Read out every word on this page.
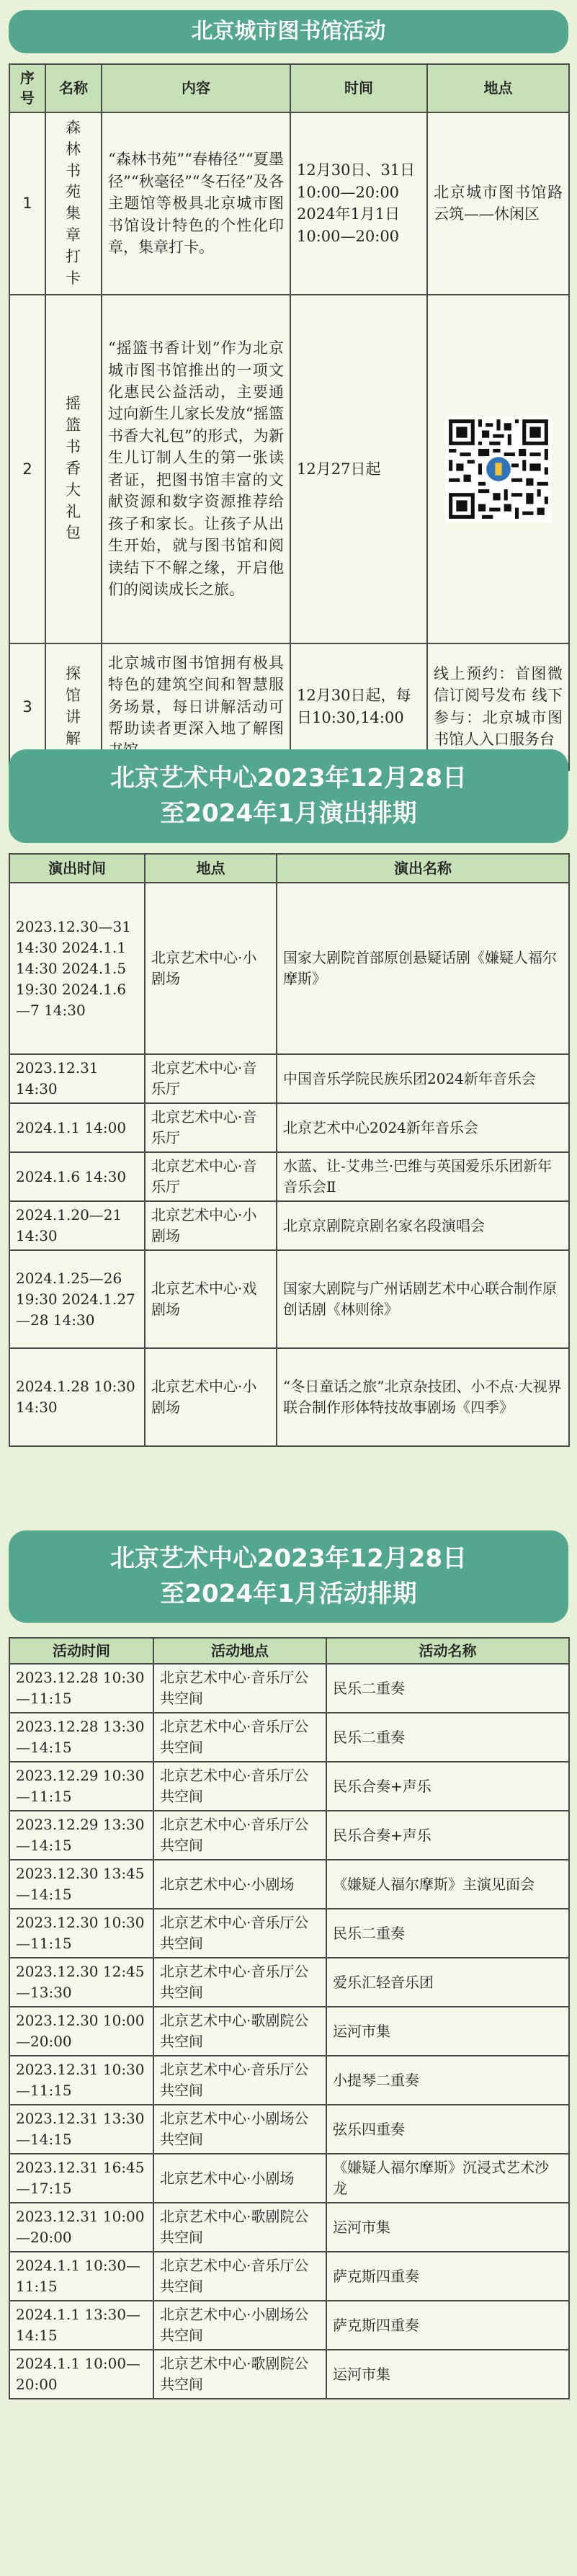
北京城市图书馆活动
序号	名称	内容	时间	地点
1	森林书苑集章打卡	“森林书苑”“春椿径”“夏墨径”“秋毫径”“冬石径”及各主题馆等极具北京城市图书馆设计特色的个性化印章，集章打卡。	12月30日、31日 10:00—20:00 2024年1月1日 10:00—20:00	北京城市图书馆路云筑——休闲区
2	摇篮书香大礼包	“摇篮书香计划”作为北京城市图书馆推出的一项文化惠民公益活动，主要通过向新生儿家长发放“摇篮书香大礼包”的形式，为新生儿订制人生的第一张读者证，把图书馆丰富的文献资源和数字资源推荐给孩子和家长。让孩子从出生开始，就与图书馆和阅读结下不解之缘，开启他们的阅读成长之旅。	12月27日起	

3	探馆讲解	北京城市图书馆拥有极具特色的建筑空间和智慧服务场景，每日讲解活动可帮助读者更深入地了解图	12月30日起，每日10:30,14:00	线上预约：首图微信订阅号发布 线下参与：北京城市图书馆人入口服务台
北京艺术中心2023年12月28日
至2024年1月演出排期
演出时间	地点	演出名称
2023.12.30—31 14:30 2024.1.1 14:30 2024.1.5 19:30 2024.1.6—7 14:30	北京艺术中心·小剧场	国家大剧院首部原创悬疑话剧《嫌疑人福尔摩斯》
2023.12.31 14:30	北京艺术中心·音乐厅	中国音乐学院民族乐团2024新年音乐会
2024.1.1 14:00	北京艺术中心·音乐厅	北京艺术中心2024新年音乐会
2024.1.6 14:30	北京艺术中心·音乐厅	水蓝、让-艾弗兰·巴维与英国爱乐乐团新年音乐会Ⅱ
2024.1.20—21 14:30	北京艺术中心·小剧场	北京京剧院京剧名家名段演唱会
2024.1.25—26 19:30 2024.1.27—28 14:30	北京艺术中心·戏剧场	国家大剧院与广州话剧艺术中心联合制作原创话剧《林则徐》
2024.1.28 10:30 14:30	北京艺术中心·小剧场	“冬日童话之旅”北京杂技团、小不点·大视界联合制作形体特技故事剧场《四季》
北京艺术中心2023年12月28日
至2024年1月活动排期
活动时间	活动地点	活动名称
2023.12.28 10:30—11:15	北京艺术中心·音乐厅公共空间	民乐二重奏
2023.12.28 13:30—14:15	北京艺术中心·音乐厅公共空间	民乐二重奏
2023.12.29 10:30—11:15	北京艺术中心·音乐厅公共空间	民乐合奏+声乐
2023.12.29 13:30—14:15	北京艺术中心·音乐厅公共空间	民乐合奏+声乐
2023.12.30 13:45—14:15	北京艺术中心·小剧场	《嫌疑人福尔摩斯》主演见面会
2023.12.30 10:30—11:15	北京艺术中心·音乐厅公共空间	民乐二重奏
2023.12.30 12:45—13:30	北京艺术中心·音乐厅公共空间	爱乐汇轻音乐团
2023.12.30 10:00—20:00	北京艺术中心·歌剧院公共空间	运河市集
2023.12.31 10:30—11:15	北京艺术中心·音乐厅公共空间	小提琴二重奏
2023.12.31 13:30—14:15	北京艺术中心·小剧场公共空间	弦乐四重奏
2023.12.31 16:45—17:15	北京艺术中心·小剧场	《嫌疑人福尔摩斯》沉浸式艺术沙龙
2023.12.31 10:00—20:00	北京艺术中心·歌剧院公共空间	运河市集
2024.1.1 10:30—11:15	北京艺术中心·音乐厅公共空间	萨克斯四重奏
2024.1.1 13:30—14:15	北京艺术中心·小剧场公共空间	萨克斯四重奏
2024.1.1 10:00—20:00	北京艺术中心·歌剧院公共空间	运河市集
